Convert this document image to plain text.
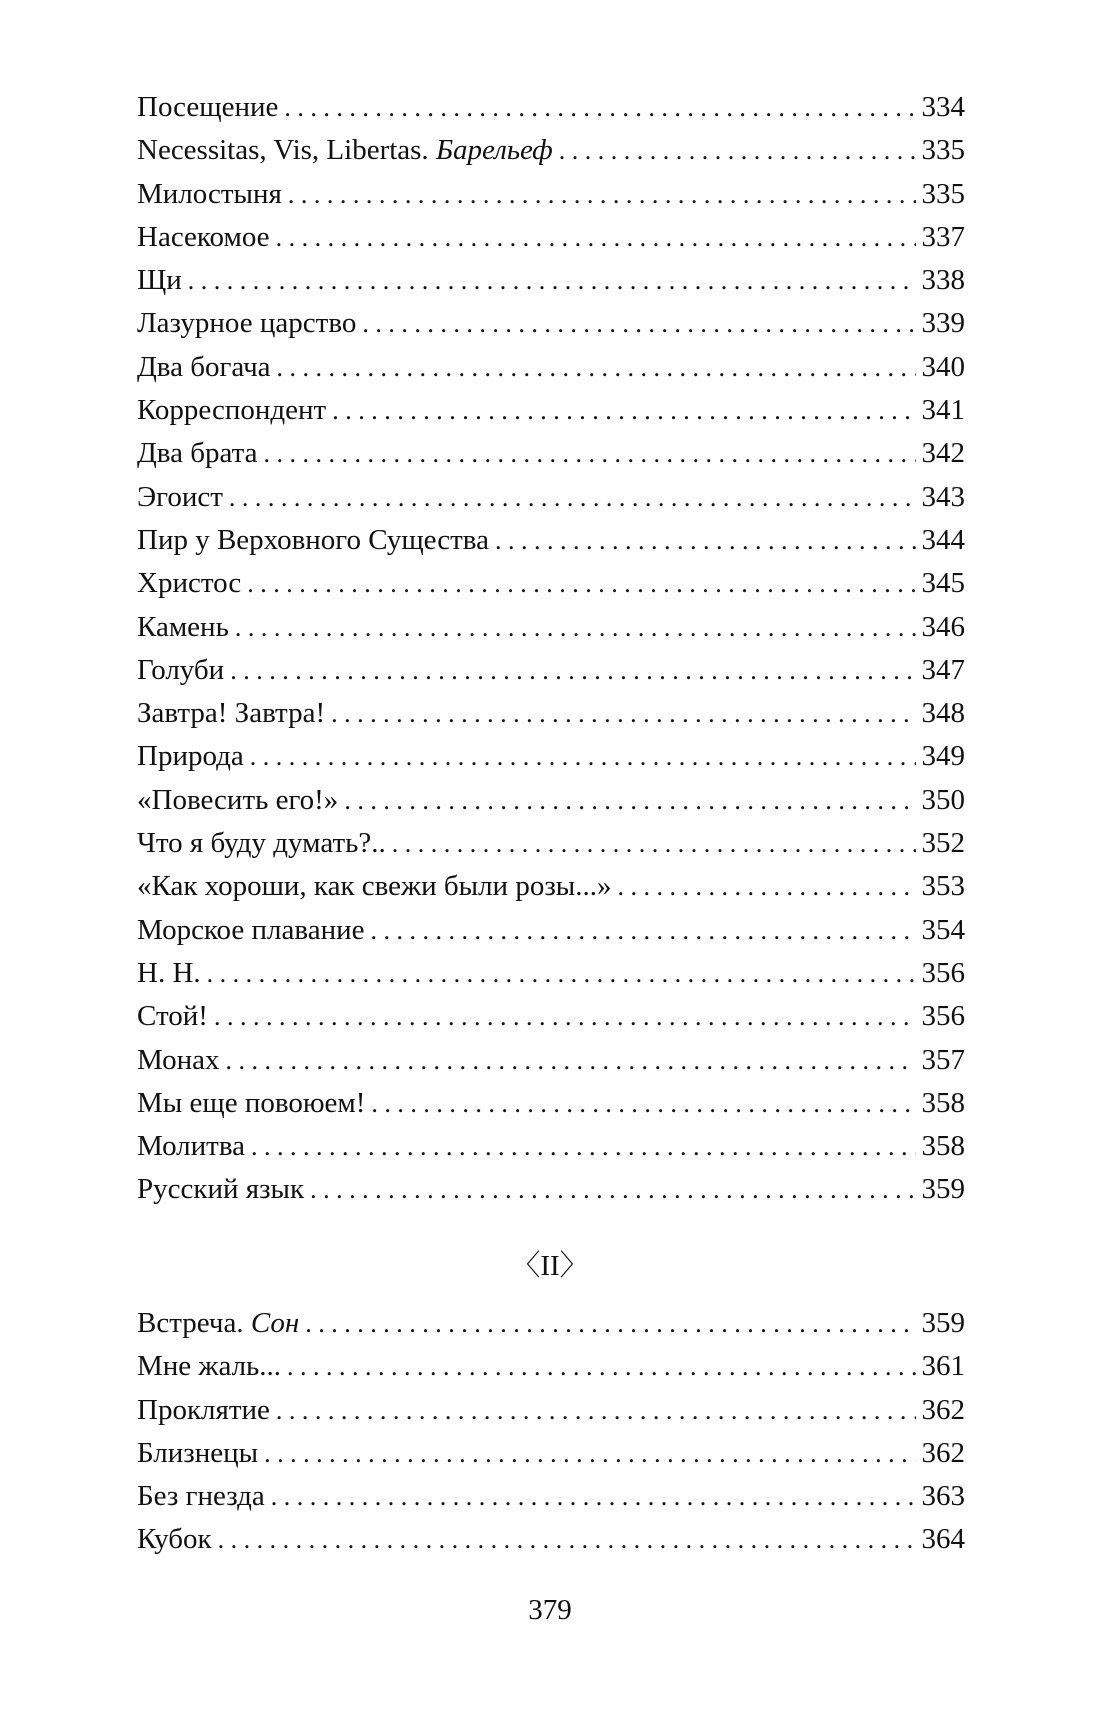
Посещение . . .	334
Necessitas, Vis, Libertas. Барельеф . . .	335
Милостыня . . .	335
Насекомое . . .	337
Щи . . .	338
Лазурное царство . . .	339
Два богача . . .	340
Корреспондент . . .	341
Два брата . . .	342
Эгоист . . .	343
Пир у Верховного Существа . . .	344
Христос . . .	345
Камень . . .	346
Голуби . . .	347
Завтра! Завтра! . . .	348
Природа . . .	349
«Повесить его!» . . .	350
Что я буду думать?.. . . .	352
«Как хороши, как свежи были розы...» . . .	353
Морское плавание . . .	354
Н. Н. . . .	356
Стой! . . .	356
Монах . . .	357
Мы еще повоюем! . . .	358
Молитва . . .	358
Русский язык . . .	359
〈II〉
Встреча. Сон . . .	359
Мне жаль... . . .	361
Проклятие . . .	362
Близнецы . . .	362
Без гнезда . . .	363
Кубок . . .	364
379
